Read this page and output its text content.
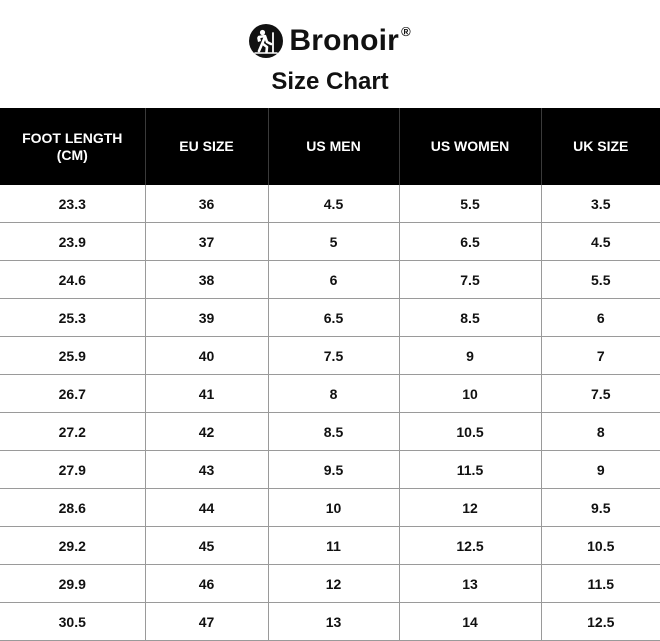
Bronoir ®
Size Chart
FOOT LENGTH (CM)	EU SIZE	US MEN	US WOMEN	UK SIZE
23.3	36	4.5	5.5	3.5
23.9	37	5	6.5	4.5
24.6	38	6	7.5	5.5
25.3	39	6.5	8.5	6
25.9	40	7.5	9	7
26.7	41	8	10	7.5
27.2	42	8.5	10.5	8
27.9	43	9.5	11.5	9
28.6	44	10	12	9.5
29.2	45	11	12.5	10.5
29.9	46	12	13	11.5
30.5	47	13	14	12.5
